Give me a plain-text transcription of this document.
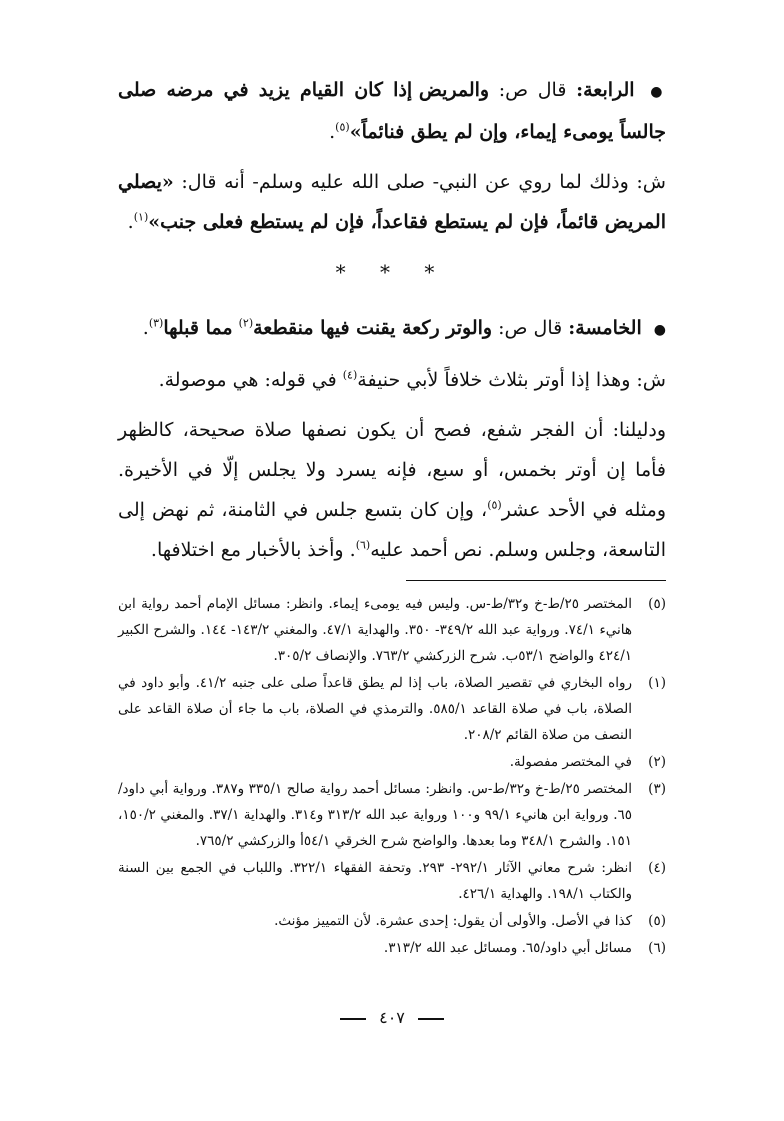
● الرابعة: قال ص: والمريض إذا كان القيام يزيد في مرضه صلى جالساً يومىء إيماء، وإن لم يطق فنائماً»$^{(٥)}$.

ش: وذلك لما روي عن النبي- صلى الله عليه وسلم- أنه قال: «يصلي المريض قائماً، فإن لم يستطع فقاعداً، فإن لم يستطع فعلى جنب»$^{(١)}$.

* * *

● الخامسة: قال ص: والوتر ركعة يقنت فيها منقطعة$^{(٢)}$ مما قبلها$^{(٣)}$.

ش: وهذا إذا أوتر بثلاث خلافاً لأبي حنيفة$^{(٤)}$ في قوله: هي موصولة.

ودليلنا: أن الفجر شفع، فصح أن يكون نصفها صلاة صحيحة، كالظهر فأما إن أوتر بخمس، أو سبع، فإنه يسرد ولا يجلس إلّا في الأخيرة. ومثله في الأحد عشر$^{(٥)}$، وإن كان بتسع جلس في الثامنة، ثم نهض إلى التاسعة، وجلس وسلم. نص أحمد عليه$^{(٦)}$. وأخذ بالأخبار مع اختلافها.

(٥)
المختصر ٢٥/ط-خ و٣٢/ط-س. وليس فيه يومىء إيماء. وانظر: مسائل الإمام أحمد رواية ابن هانيء ٧٤/١. ورواية عبد الله ٣٤٩/٢- ٣٥٠. والهداية ٤٧/١. والمغني ١٤٣/٢- ١٤٤. والشرح الكبير ٤٢٤/١ والواضح ٥٣/١ب. شرح الزركشي ٧٦٣/٢. والإنصاف ٣٠٥/٢.
(١)
رواه البخاري في تقصير الصلاة، باب إذا لم يطق قاعداً صلى على جنبه ٤١/٢. وأبو داود في الصلاة، باب في صلاة القاعد ٥٨٥/١. والترمذي في الصلاة، باب ما جاء أن صلاة القاعد على النصف من صلاة القائم ٢٠٨/٢.
(٢)
في المختصر مفصولة.
(٣)
المختصر ٢٥/ط-خ و٣٢/ط-س. وانظر: مسائل أحمد رواية صالح ٣٣٥/١ و٣٨٧. ورواية أبي داود/٦٥. ورواية ابن هانيء ٩٩/١ و١٠٠ ورواية عبد الله ٣١٣/٢ و٣١٤. والهداية ٣٧/١. والمغني ١٥٠/٢، ١٥١. والشرح ٣٤٨/١ وما بعدها. والواضح شرح الخرقي ٥٤/١أ والزركشي ٧٦٥/٢.
(٤)
انظر: شرح معاني الآثار ٢٩٢/١- ٢٩٣. وتحفة الفقهاء ٣٢٢/١. واللباب في الجمع بين السنة والكتاب ١٩٨/١. والهداية ٤٢٦/١.
(٥)
كذا في الأصل. والأولى أن يقول: إحدى عشرة. لأن التمييز مؤنث.
(٦)
مسائل أبي داود/٦٥. ومسائل عبد الله ٣١٣/٢.
٤٠٧
